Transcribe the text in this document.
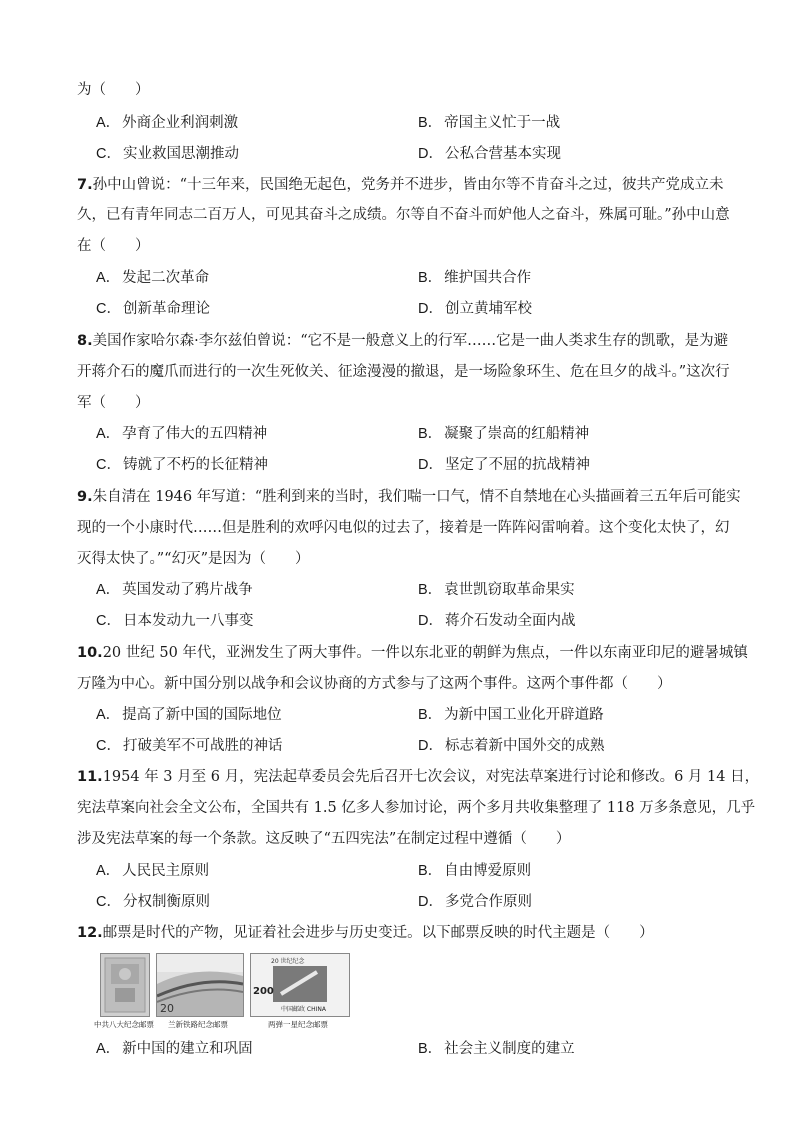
为（　　）
A． 外商企业利润刺激	B． 帝国主义忙于一战
C． 实业救国思潮推动	D． 公私合营基本实现
7.孙中山曾说：“十三年来，民国绝无起色，党务并不进步，皆由尔等不肯奋斗之过，彼共产党成立未
久，已有青年同志二百万人，可见其奋斗之成绩。尔等自不奋斗而妒他人之奋斗，殊属可耻。”孙中山意
在（　　）
A． 发起二次革命	B． 维护国共合作
C． 创新革命理论	D． 创立黄埔军校
8.美国作家哈尔森·李尔兹伯曾说：“它不是一般意义上的行军……它是一曲人类求生存的凯歌，是为避
开蒋介石的魔爪而进行的一次生死攸关、征途漫漫的撤退，是一场险象环生、危在旦夕的战斗。”这次行
军（　　）
A． 孕育了伟大的五四精神	B． 凝聚了崇高的红船精神
C． 铸就了不朽的长征精神	D． 坚定了不屈的抗战精神
9.朱自清在 1946 年写道：“胜利到来的当时，我们喘一口气，情不自禁地在心头描画着三五年后可能实
现的一个小康时代……但是胜利的欢呼闪电似的过去了，接着是一阵阵闷雷响着。这个变化太快了，幻
灭得太快了。”“幻灭”是因为（　　）
A． 英国发动了鸦片战争	B． 袁世凯窃取革命果实
C． 日本发动九一八事变	D． 蒋介石发动全面内战
10.20 世纪 50 年代，亚洲发生了两大事件。一件以东北亚的朝鲜为焦点，一件以东南亚印尼的避暑城镇
万隆为中心。新中国分别以战争和会议协商的方式参与了这两个事件。这两个事件都（　　）
A． 提高了新中国的国际地位	B． 为新中国工业化开辟道路
C． 打破美军不可战胜的神话	D． 标志着新中国外交的成熟
11.1954 年 3 月至 6 月，宪法起草委员会先后召开七次会议，对宪法草案进行讨论和修改。6 月 14 日，
宪法草案向社会全文公布，全国共有 1.5 亿多人参加讨论，两个多月共收集整理了 118 万多条意见，几乎
涉及宪法草案的每一个条款。这反映了“五四宪法”在制定过程中遵循（　　）
A． 人民民主原则	B． 自由博爱原则
C． 分权制衡原则	D． 多党合作原则
12.邮票是时代的产物，见证着社会进步与历史变迁。以下邮票反映的时代主题是（　　）
中共八大纪念邮票
20
兰新铁路纪念邮票
20 世纪纪念
200
中国邮政 CHINA
两弹一星纪念邮票
A． 新中国的建立和巩固	B． 社会主义制度的建立
